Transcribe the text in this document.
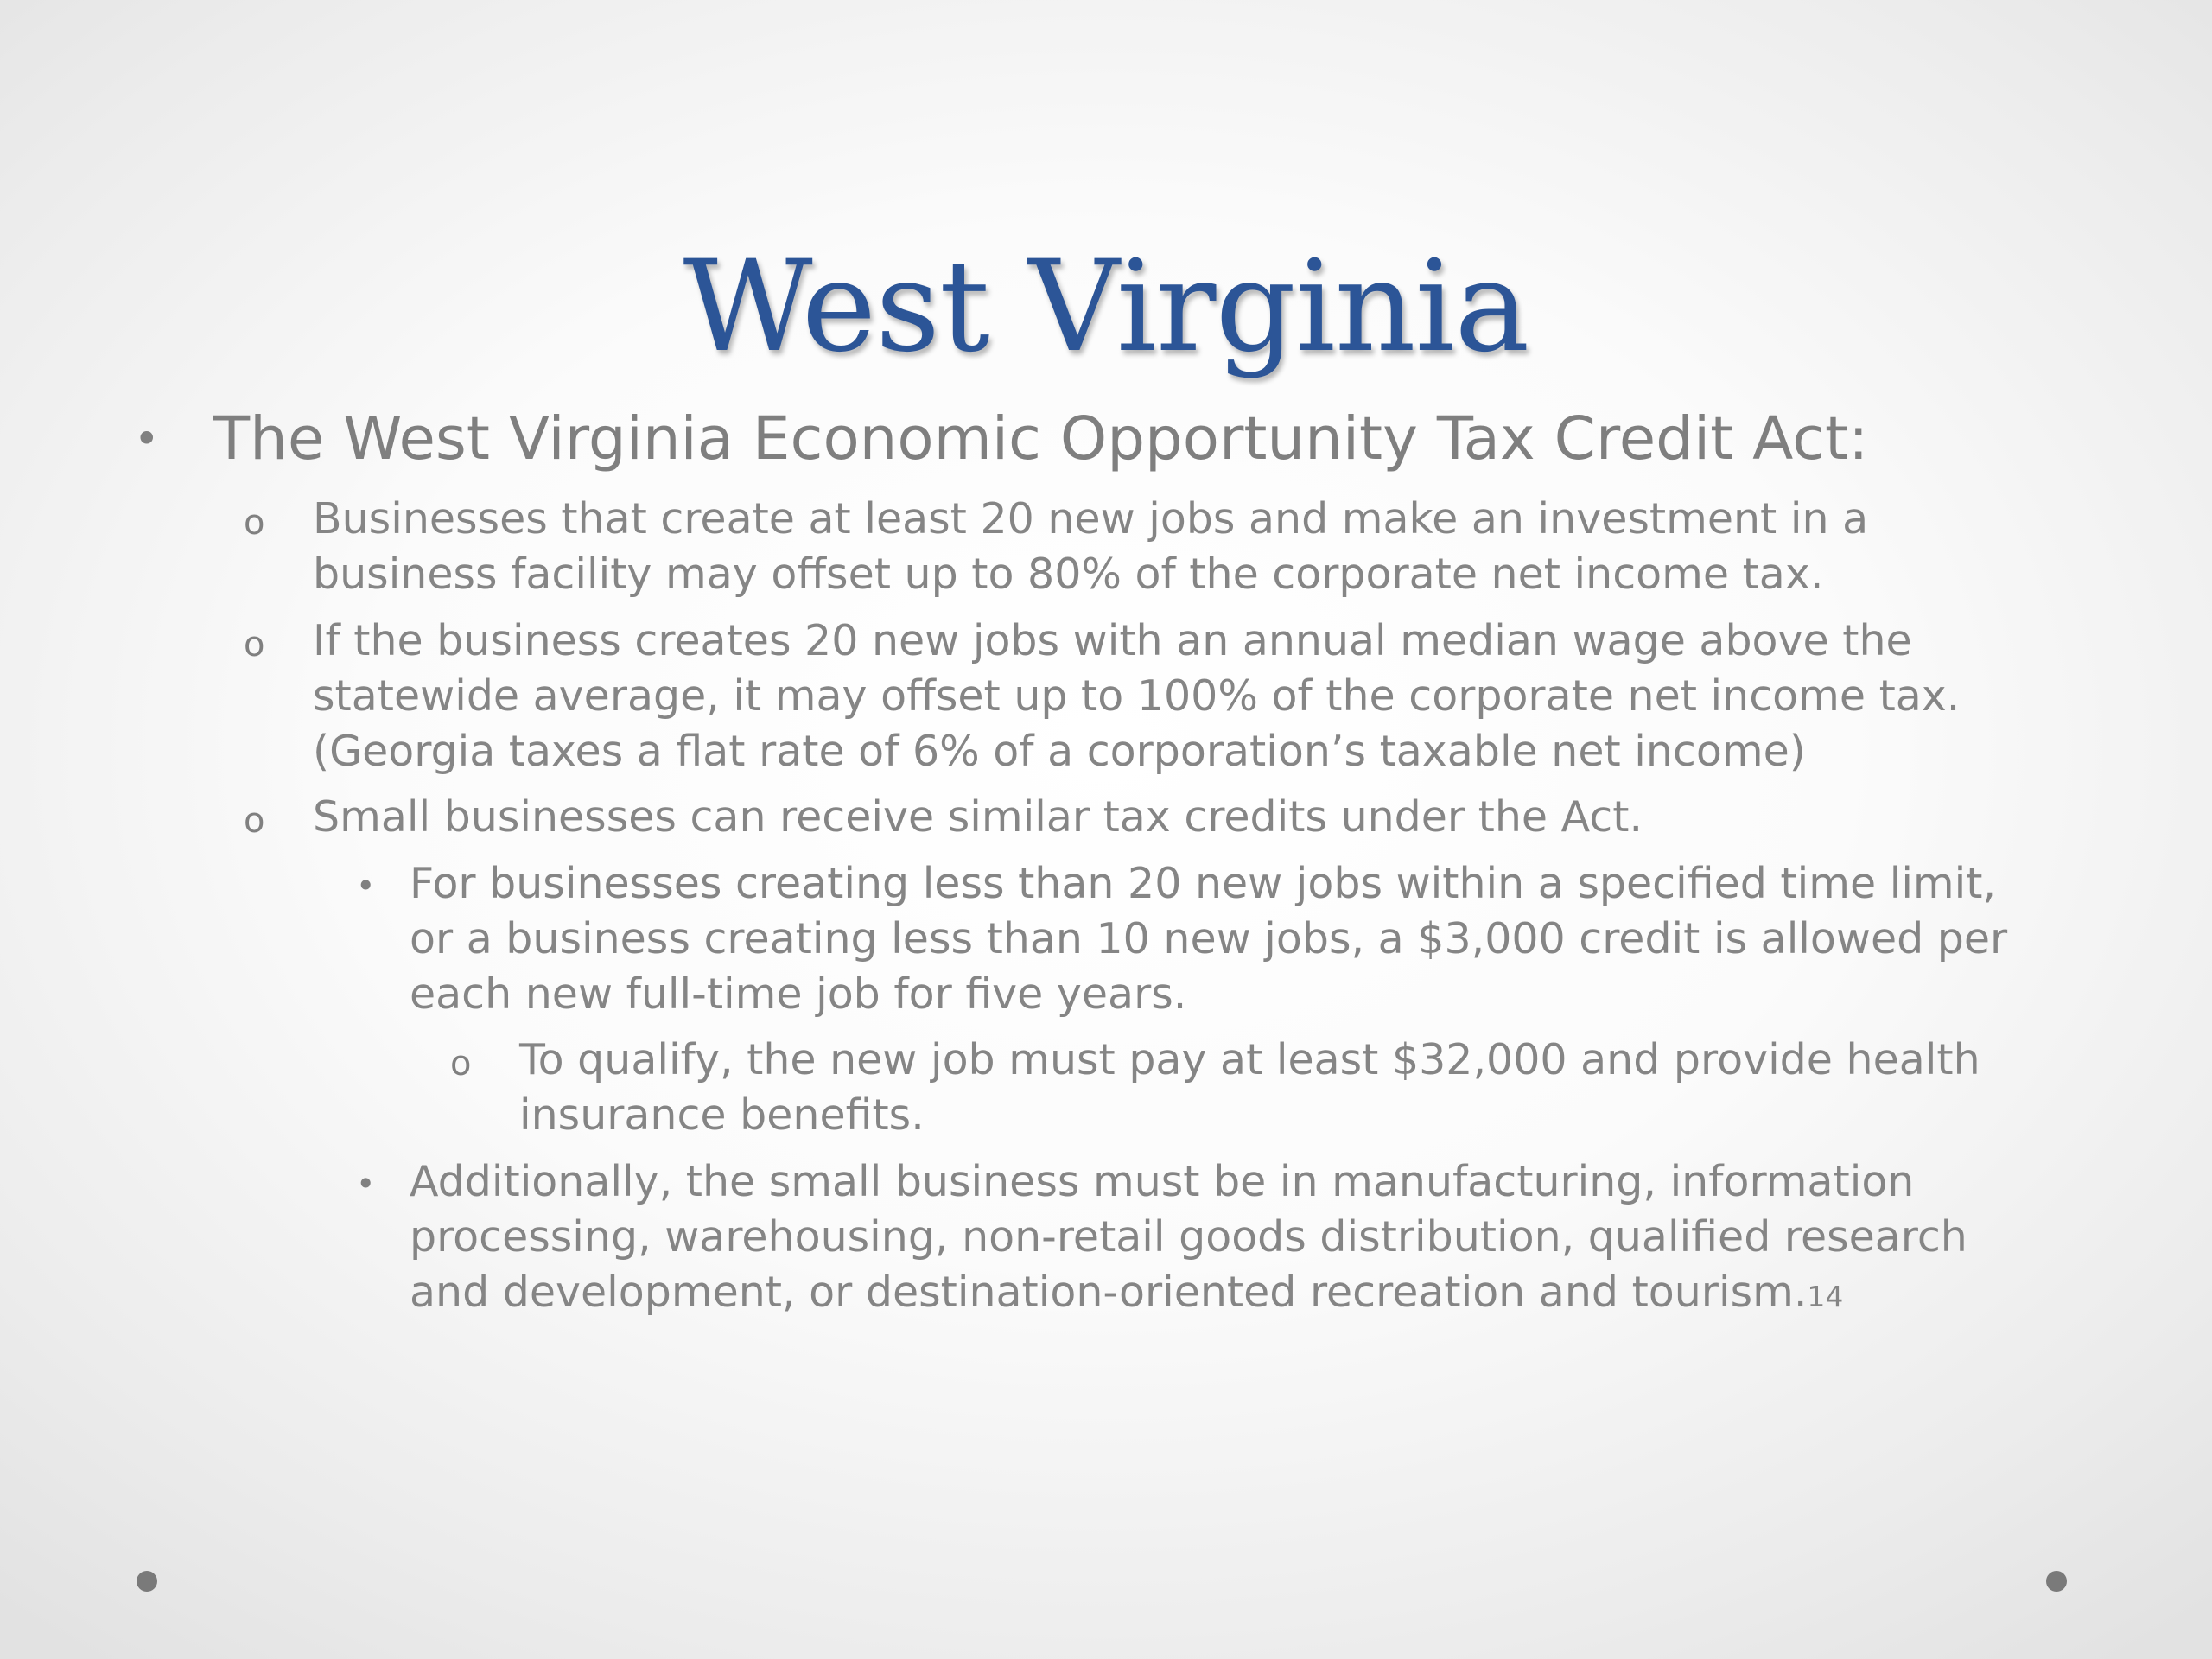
West Virginia
• The West Virginia Economic Opportunity Tax Credit Act:
o Businesses that create at least 20 new jobs and make an investment in a
business facility may offset up to 80% of the corporate net income tax.
o If the business creates 20 new jobs with an annual median wage above the
statewide average, it may offset up to 100% of the corporate net income tax.
(Georgia taxes a flat rate of 6% of a corporation’s taxable net income)
o Small businesses can receive similar tax credits under the Act.
• For businesses creating less than 20 new jobs within a specified time limit,
or a business creating less than 10 new jobs, a $3,000 credit is allowed per
each new full-time job for five years.
o To qualify, the new job must pay at least $32,000 and provide health
insurance benefits.
• Additionally, the small business must be in manufacturing, information
processing, warehousing, non-retail goods distribution, qualified research
and development, or destination-oriented recreation and tourism.14
